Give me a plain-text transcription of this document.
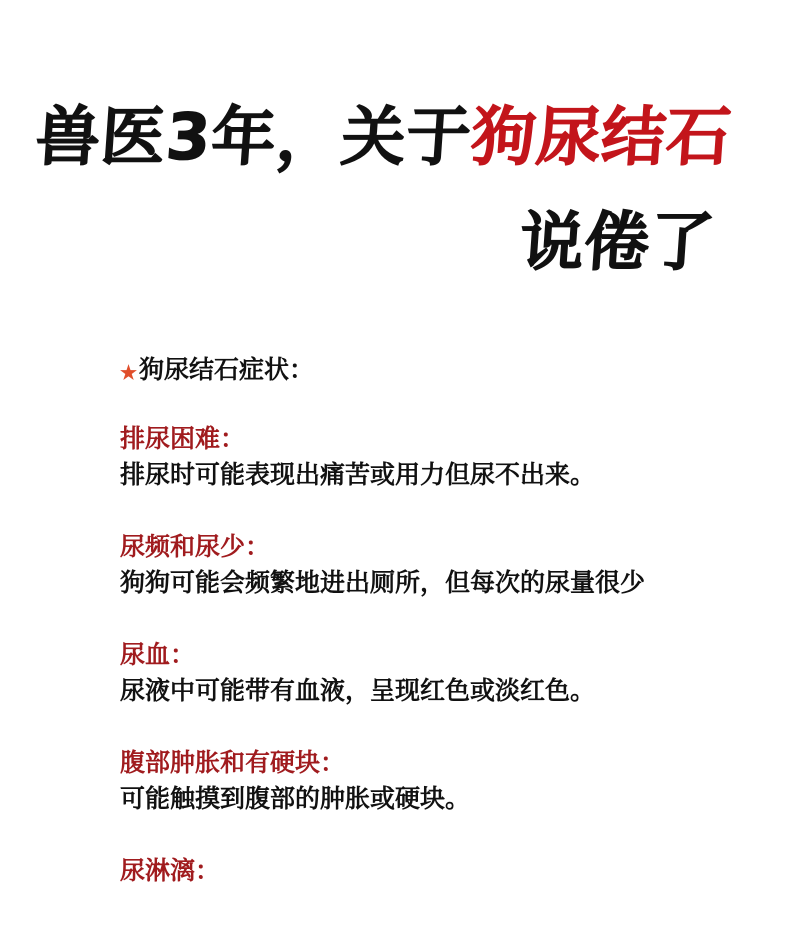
兽医3年，关于狗尿结石
说倦了
★ 狗尿结石症状：
排尿困难：
排尿时可能表现出痛苦或用力但尿不出来。
尿频和尿少：
狗狗可能会频繁地进出厕所，但每次的尿量很少
尿血：
尿液中可能带有血液，呈现红色或淡红色。
腹部肿胀和有硬块：
可能触摸到腹部的肿胀或硬块。
尿淋漓：
